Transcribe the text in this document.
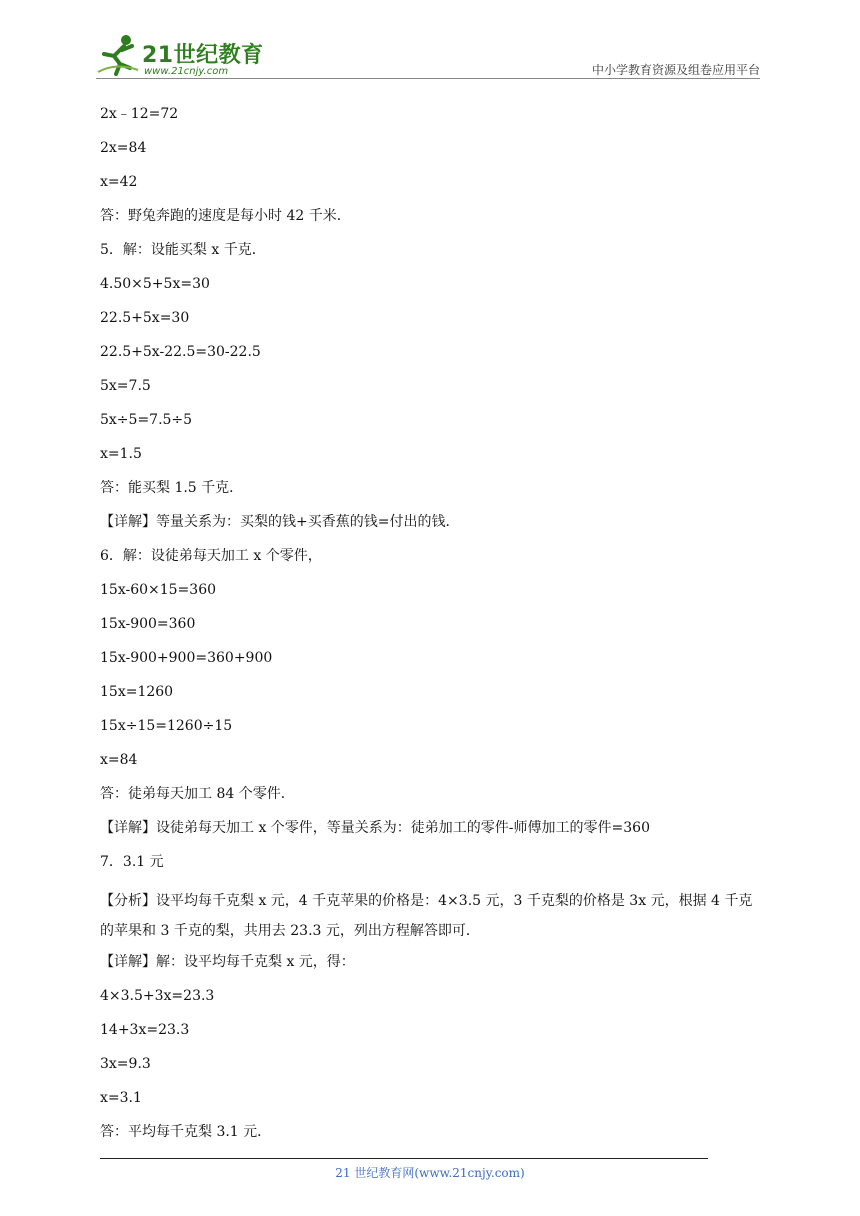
21世纪教育
www.21cnjy.com	中小学教育资源及组卷应用平台
2x﹣12=72
2x=84
x=42
答：野兔奔跑的速度是每小时 42 千米．
5．解：设能买梨 x 千克．
4.50×5+5x=30
22.5+5x=30
22.5+5x-22.5=30-22.5
5x=7.5
5x÷5=7.5÷5
x=1.5
答：能买梨 1.5 千克．
【详解】等量关系为：买梨的钱+买香蕉的钱=付出的钱．
6．解：设徒弟每天加工 x 个零件，
15x-60×15=360
15x-900=360
15x-900+900=360+900
15x=1260
15x÷15=1260÷15
x=84
答：徒弟每天加工 84 个零件．
【详解】设徒弟每天加工 x 个零件，等量关系为：徒弟加工的零件-师傅加工的零件=360
7．3.1 元
【分析】设平均每千克梨 x 元，4 千克苹果的价格是：4×3.5 元，3 千克梨的价格是 3x 元，根据 4 千克的苹果和 3 千克的梨，共用去 23.3 元，列出方程解答即可．
【详解】解：设平均每千克梨 x 元，得：
4×3.5+3x=23.3
14+3x=23.3
3x=9.3
x=3.1
答：平均每千克梨 3.1 元．
21 世纪教育网(www.21cnjy.com)
